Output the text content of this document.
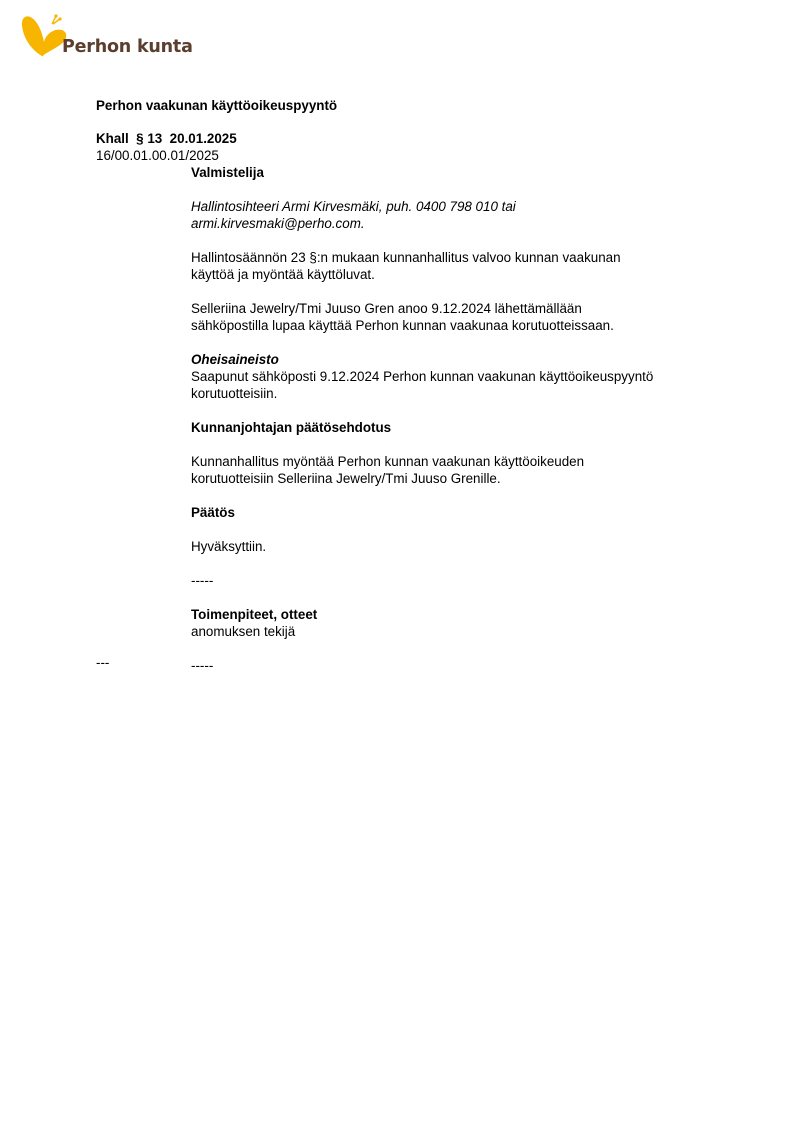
Perhon kunta
Perhon vaakunan käyttöoikeuspyyntö
Khall  § 13  20.01.2025
16/00.01.00.01/2025

Valmistelija

Hallintosihteeri Armi Kirvesmäki, puh. 0400 798 010 tai

armi.kirvesmaki@perho.com.

Hallintosäännön 23 §:n mukaan kunnanhallitus valvoo kunnan vaakunan

käyttöä ja myöntää käyttöluvat.

Selleriina Jewelry/Tmi Juuso Gren anoo 9.12.2024 lähettämällään

sähköpostilla lupaa käyttää Perhon kunnan vaakunaa korutuotteissaan.

Oheisaineisto

Saapunut sähköposti 9.12.2024 Perhon kunnan vaakunan käyttöoikeuspyyntö

korutuotteisiin.

Kunnanjohtajan päätösehdotus

Kunnanhallitus myöntää Perhon kunnan vaakunan käyttöoikeuden

korutuotteisiin Selleriina Jewelry/Tmi Juuso Grenille.

Päätös

Hyväksyttiin.

-----

Toimenpiteet, otteet

anomuksen tekijä

-----

---
